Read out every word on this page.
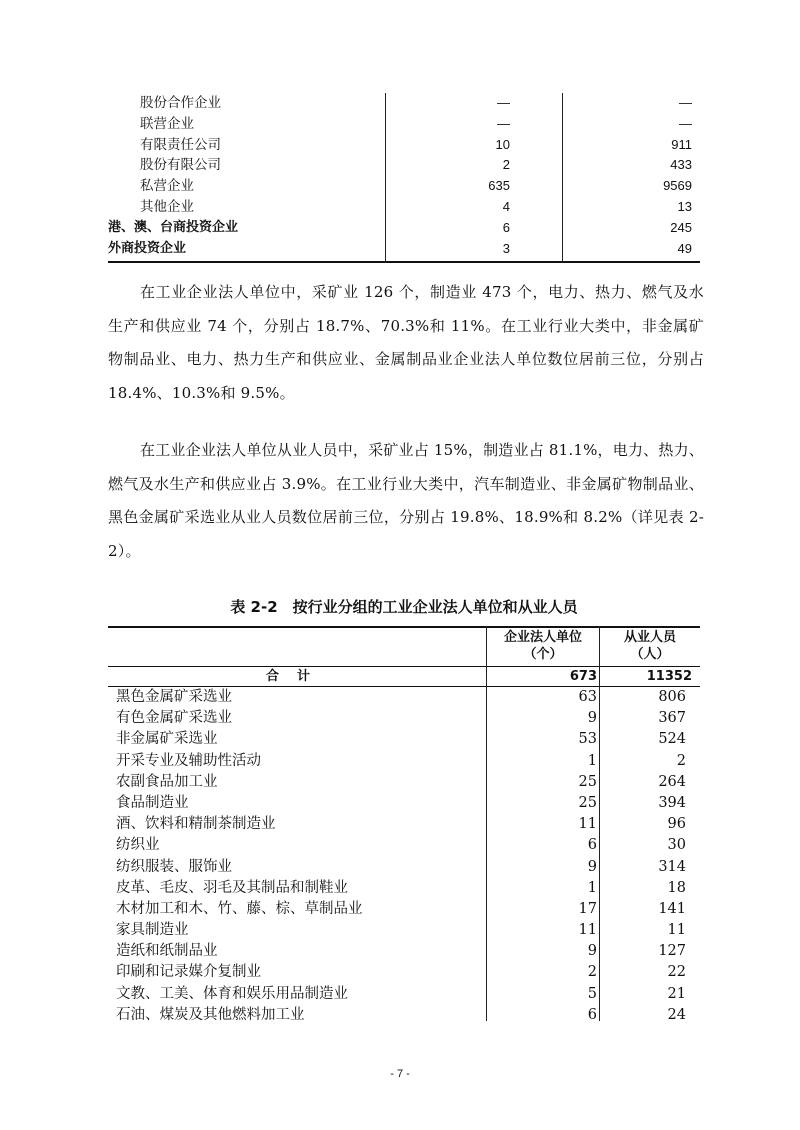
股份合作企业	—	—
联营企业	—	—
有限责任公司	10	911
股份有限公司	2	433
私营企业	635	9569
其他企业	4	13
港、澳、台商投资企业	6	245
外商投资企业	3	49

在工业企业法人单位中，采矿业 126 个，制造业 473 个，电力、热力、燃气及水生产和供应业 74 个，分别占 18.7%、70.3%和 11%。在工业行业大类中，非金属矿物制品业、电力、热力生产和供应业、金属制品业企业法人单位数位居前三位，分别占 18.4%、10.3%和 9.5%。

在工业企业法人单位从业人员中，采矿业占 15%，制造业占 81.1%，电力、热力、燃气及水生产和供应业占 3.9%。在工业行业大类中，汽车制造业、非金属矿物制品业、黑色金属矿采选业从业人员数位居前三位，分别占 19.8%、18.9%和 8.2%（详见表 2-2）。

表 2-2　按行业分组的工业企业法人单位和从业人员
企业法人单位
（个）
从业人员
（人）
合计	673	11352
黑色金属矿采选业	63	806
有色金属矿采选业	9	367
非金属矿采选业	53	524
开采专业及辅助性活动	1	2
农副食品加工业	25	264
食品制造业	25	394
酒、饮料和精制茶制造业	11	96
纺织业	6	30
纺织服装、服饰业	9	314
皮革、毛皮、羽毛及其制品和制鞋业	1	18
木材加工和木、竹、藤、棕、草制品业	17	141
家具制造业	11	11
造纸和纸制品业	9	127
印刷和记录媒介复制业	2	22
文教、工美、体育和娱乐用品制造业	5	21
石油、煤炭及其他燃料加工业	6	24
- 7 -
